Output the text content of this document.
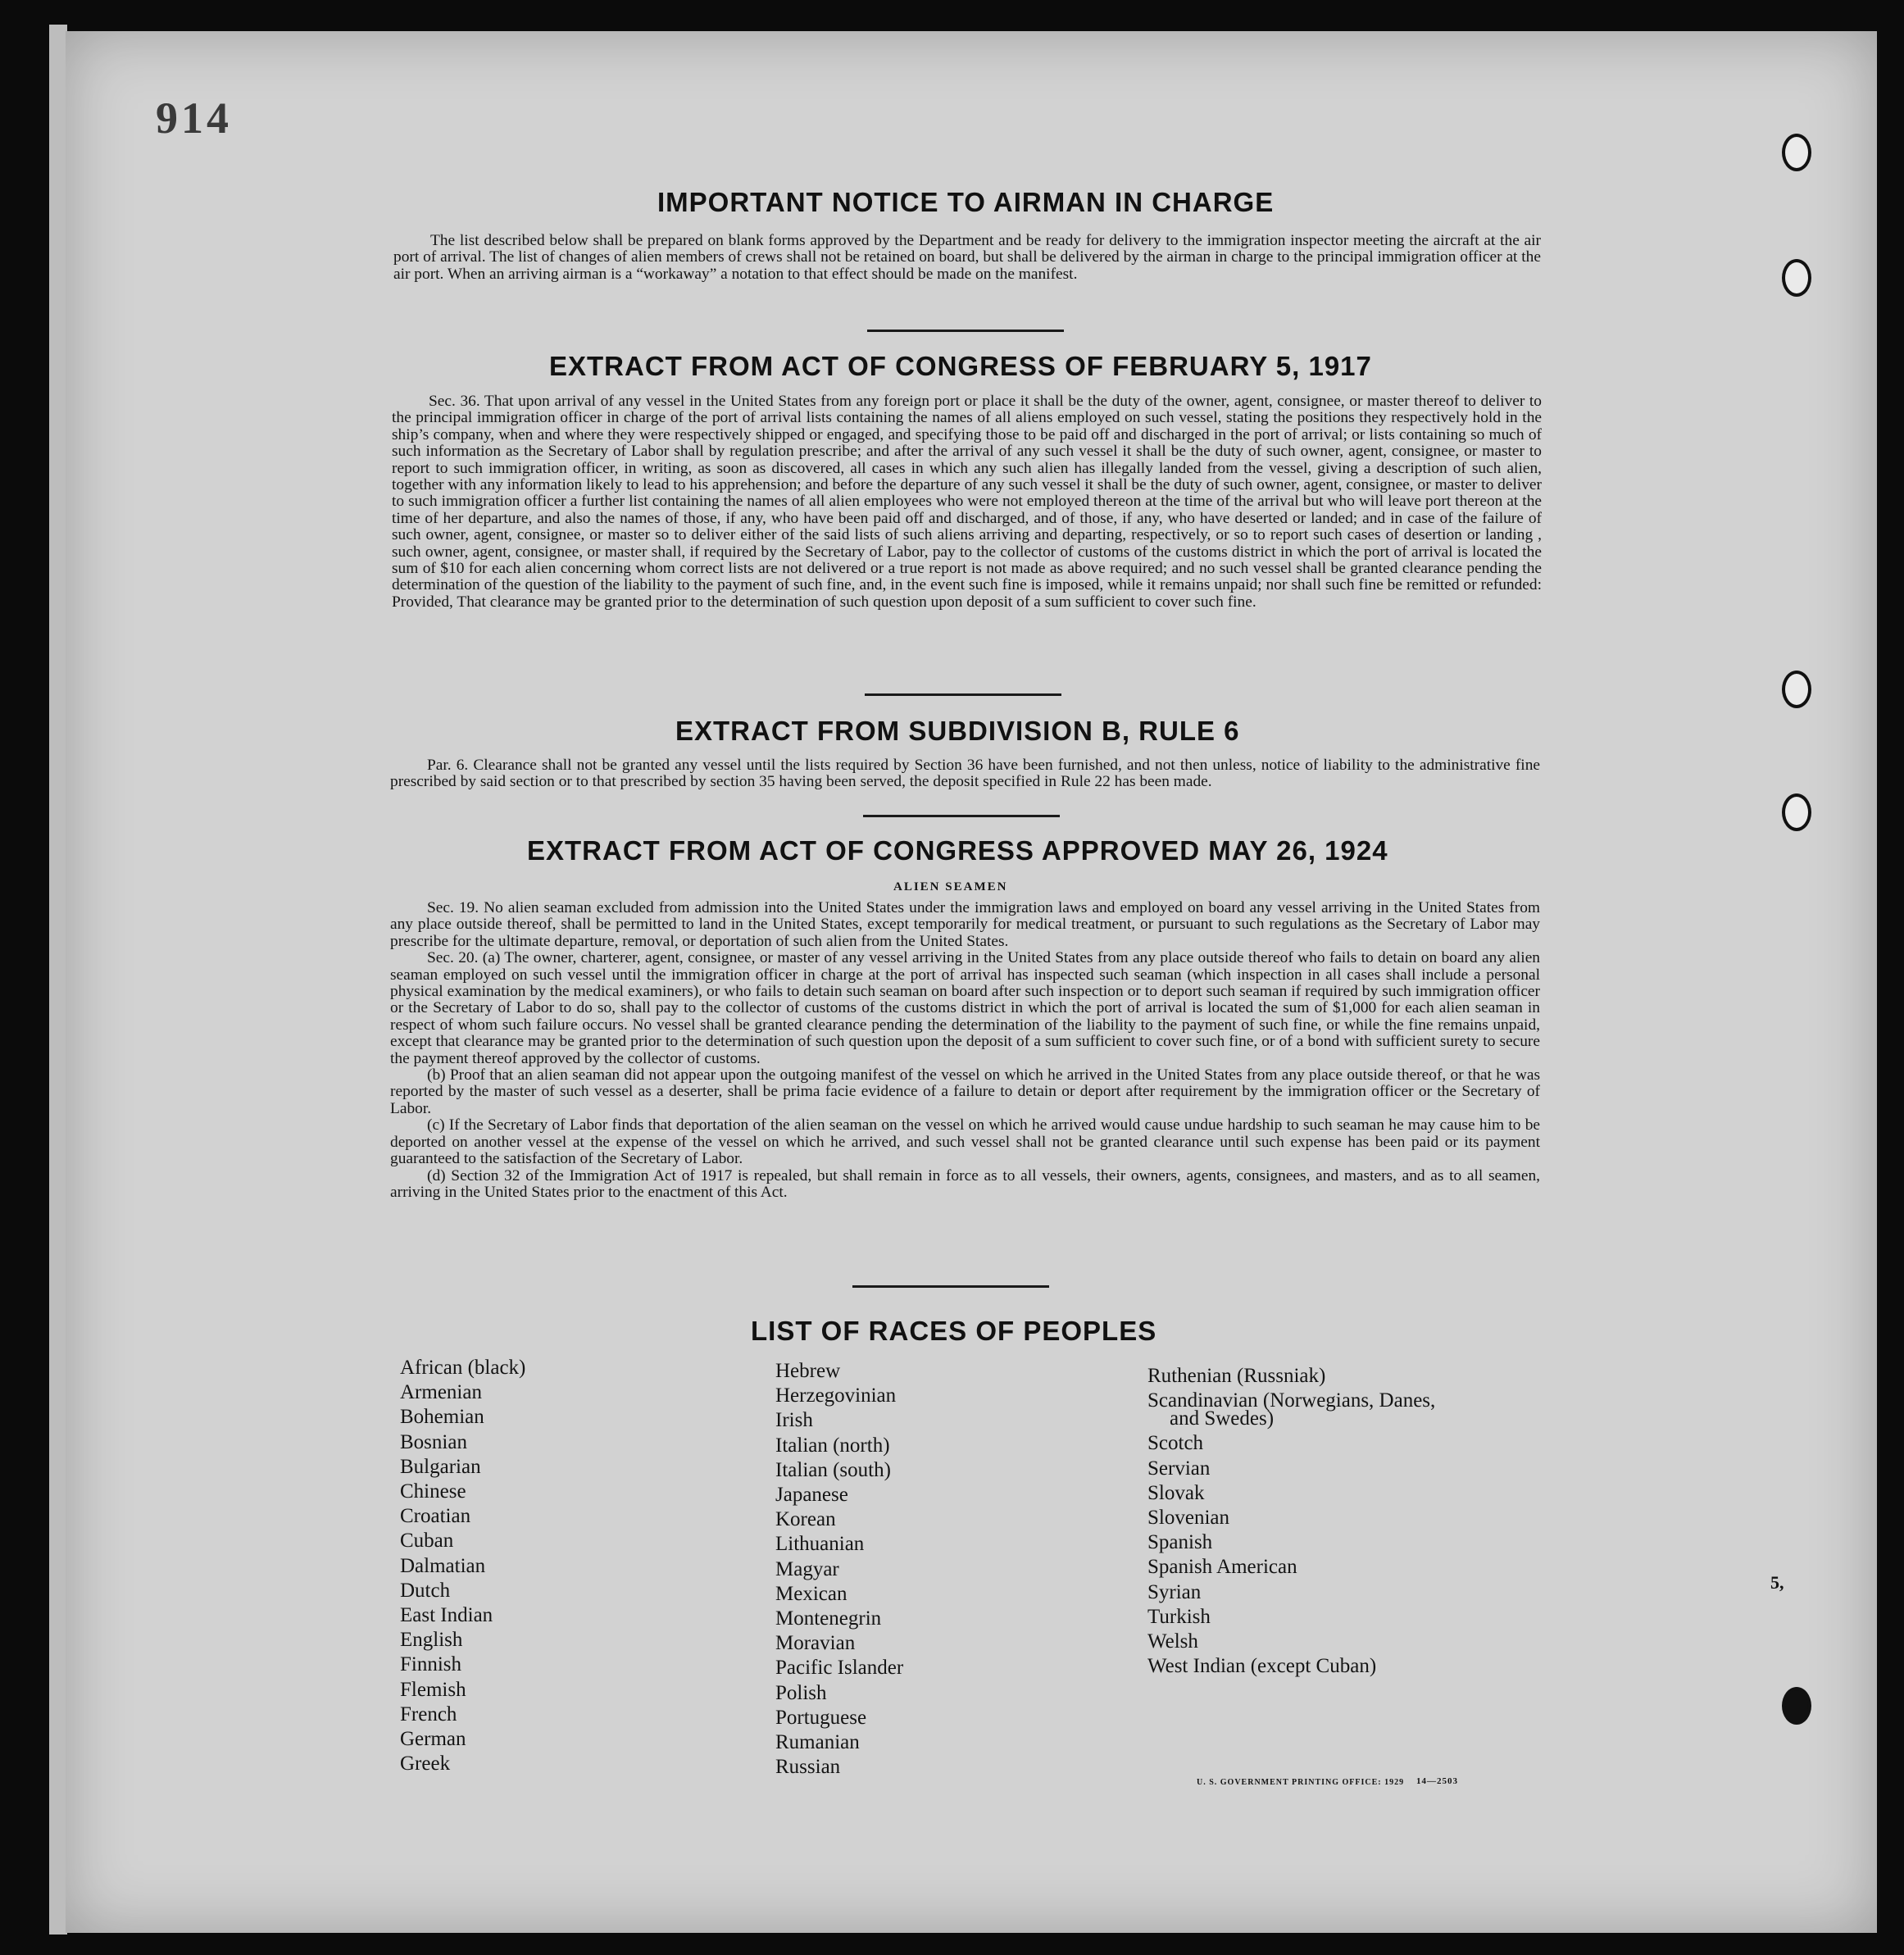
914
IMPORTANT NOTICE TO AIRMAN IN CHARGE
The list described below shall be prepared on blank forms approved by the Department and be ready for delivery to the immigration inspector meeting the aircraft at the air port of arrival. The list of changes of alien members of crews shall not be retained on board, but shall be delivered by the airman in charge to the principal immigration officer at the air port. When an arriving airman is a “workaway” a notation to that effect should be made on the manifest.
EXTRACT FROM ACT OF CONGRESS OF FEBRUARY 5, 1917
Sec. 36. That upon arrival of any vessel in the United States from any foreign port or place it shall be the duty of the owner, agent, consignee, or master thereof to deliver to the principal immigration officer in charge of the port of arrival lists containing the names of all aliens employed on such vessel, stating the positions they respectively hold in the ship’s company, when and where they were respectively shipped or engaged, and specifying those to be paid off and discharged in the port of arrival; or lists containing so much of such information as the Secretary of Labor shall by regulation prescribe; and after the arrival of any such vessel it shall be the duty of such owner, agent, consignee, or master to report to such immigration officer, in writing, as soon as discovered, all cases in which any such alien has illegally landed from the vessel, giving a description of such alien, together with any information likely to lead to his apprehension; and before the departure of any such vessel it shall be the duty of such owner, agent, consignee, or master to deliver to such immigration officer a further list containing the names of all alien employees who were not employed thereon at the time of the arrival but who will leave port thereon at the time of her departure, and also the names of those, if any, who have been paid off and discharged, and of those, if any, who have deserted or landed; and in case of the failure of such owner, agent, consignee, or master so to deliver either of the said lists of such aliens arriving and departing, respectively, or so to report such cases of desertion or landing , such owner, agent, consignee, or master shall, if required by the Secretary of Labor, pay to the collector of customs of the customs district in which the port of arrival is located the sum of $10 for each alien concerning whom correct lists are not delivered or a true report is not made as above required; and no such vessel shall be granted clearance pending the determination of the question of the liability to the payment of such fine, and, in the event such fine is imposed, while it remains unpaid; nor shall such fine be remitted or refunded: Provided, That clearance may be granted prior to the determination of such question upon deposit of a sum sufficient to cover such fine.
EXTRACT FROM SUBDIVISION B, RULE 6
Par. 6. Clearance shall not be granted any vessel until the lists required by Section 36 have been furnished, and not then unless, notice of liability to the administrative fine prescribed by said section or to that prescribed by section 35 having been served, the deposit specified in Rule 22 has been made.
EXTRACT FROM ACT OF CONGRESS APPROVED MAY 26, 1924
ALIEN SEAMEN

Sec. 19. No alien seaman excluded from admission into the United States under the immigration laws and employed on board any vessel arriving in the United States from any place outside thereof, shall be permitted to land in the United States, except temporarily for medical treatment, or pursuant to such regulations as the Secretary of Labor may prescribe for the ultimate departure, removal, or deportation of such alien from the United States.

Sec. 20. (a) The owner, charterer, agent, consignee, or master of any vessel arriving in the United States from any place outside thereof who fails to detain on board any alien seaman employed on such vessel until the immigration officer in charge at the port of arrival has inspected such seaman (which inspection in all cases shall include a personal physical examination by the medical examiners), or who fails to detain such seaman on board after such inspection or to deport such seaman if required by such immigration officer or the Secretary of Labor to do so, shall pay to the collector of customs of the customs district in which the port of arrival is located the sum of $1,000 for each alien seaman in respect of whom such failure occurs. No vessel shall be granted clearance pending the determination of the liability to the payment of such fine, or while the fine remains unpaid, except that clearance may be granted prior to the determination of such question upon the deposit of a sum sufficient to cover such fine, or of a bond with sufficient surety to secure the payment thereof approved by the collector of customs.

(b) Proof that an alien seaman did not appear upon the outgoing manifest of the vessel on which he arrived in the United States from any place outside thereof, or that he was reported by the master of such vessel as a deserter, shall be prima facie evidence of a failure to detain or deport after requirement by the immigration officer or the Secretary of Labor.

(c) If the Secretary of Labor finds that deportation of the alien seaman on the vessel on which he arrived would cause undue hardship to such seaman he may cause him to be deported on another vessel at the expense of the vessel on which he arrived, and such vessel shall not be granted clearance until such expense has been paid or its payment guaranteed to the satisfaction of the Secretary of Labor.

(d) Section 32 of the Immigration Act of 1917 is repealed, but shall remain in force as to all vessels, their owners, agents, consignees, and masters, and as to all seamen, arriving in the United States prior to the enactment of this Act.

LIST OF RACES OF PEOPLES
African (black)
Armenian
Bohemian
Bosnian
Bulgarian
Chinese
Croatian
Cuban
Dalmatian
Dutch
East Indian
English
Finnish
Flemish
French
German
Greek
Hebrew
Herzegovinian
Irish
Italian (north)
Italian (south)
Japanese
Korean
Lithuanian
Magyar
Mexican
Montenegrin
Moravian
Pacific Islander
Polish
Portuguese
Rumanian
Russian
Ruthenian (Russniak)
Scandinavian (Norwegians, Danes,
and Swedes)
Scotch
Servian
Slovak
Slovenian
Spanish
Spanish American
Syrian
Turkish
Welsh
West Indian (except Cuban)
U. S. GOVERNMENT PRINTING OFFICE: 1929 14—2503
5,
